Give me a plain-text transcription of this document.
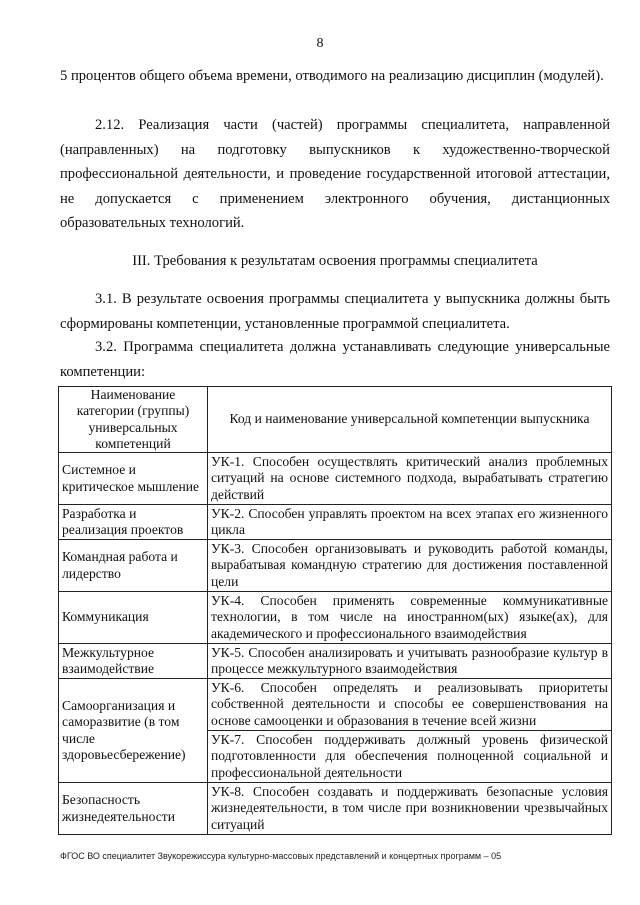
8

5 процентов общего объема времени, отводимого на реализацию дисциплин (модулей).

2.12. Реализация части (частей) программы специалитета, направленной (направленных) на подготовку выпускников к художественно-творческой профессиональной деятельности, и проведение государственной итоговой аттестации, не допускается с применением электронного обучения, дистанционных образовательных технологий.

III. Требования к результатам освоения программы специалитета

3.1. В результате освоения программы специалитета у выпускника должны быть сформированы компетенции, установленные программой специалитета.

3.2. Программа специалитета должна устанавливать следующие универсальные компетенции:

Наименование категории (группы) универсальных компетенций	Код и наименование универсальной компетенции выпускника
Системное и критическое мышление	УК-1. Способен осуществлять критический анализ проблемных ситуаций на основе системного подхода, вырабатывать стратегию действий
Разработка и реализация проектов	УК-2. Способен управлять проектом на всех этапах его жизненного цикла
Командная работа и лидерство	УК-3. Способен организовывать и руководить работой команды, вырабатывая командную стратегию для достижения поставленной цели
Коммуникация	УК-4. Способен применять современные коммуникативные технологии, в том числе на иностранном(ых) языке(ах), для академического и профессионального взаимодействия
Межкультурное взаимодействие	УК-5. Способен анализировать и учитывать разнообразие культур в процессе межкультурного взаимодействия
Самоорганизация и саморазвитие (в том числе здоровьесбережение)	УК-6. Способен определять и реализовывать приоритеты собственной деятельности и способы ее совершенствования на основе самооценки и образования в течение всей жизни
	УК-7. Способен поддерживать должный уровень физической подготовленности для обеспечения полноценной социальной и профессиональной деятельности
Безопасность жизнедеятельности	УК-8. Способен создавать и поддерживать безопасные условия жизнедеятельности, в том числе при возникновении чрезвычайных ситуаций
ФГОС ВО специалитет Звукорежиссура культурно-массовых представлений и концертных программ – 05
